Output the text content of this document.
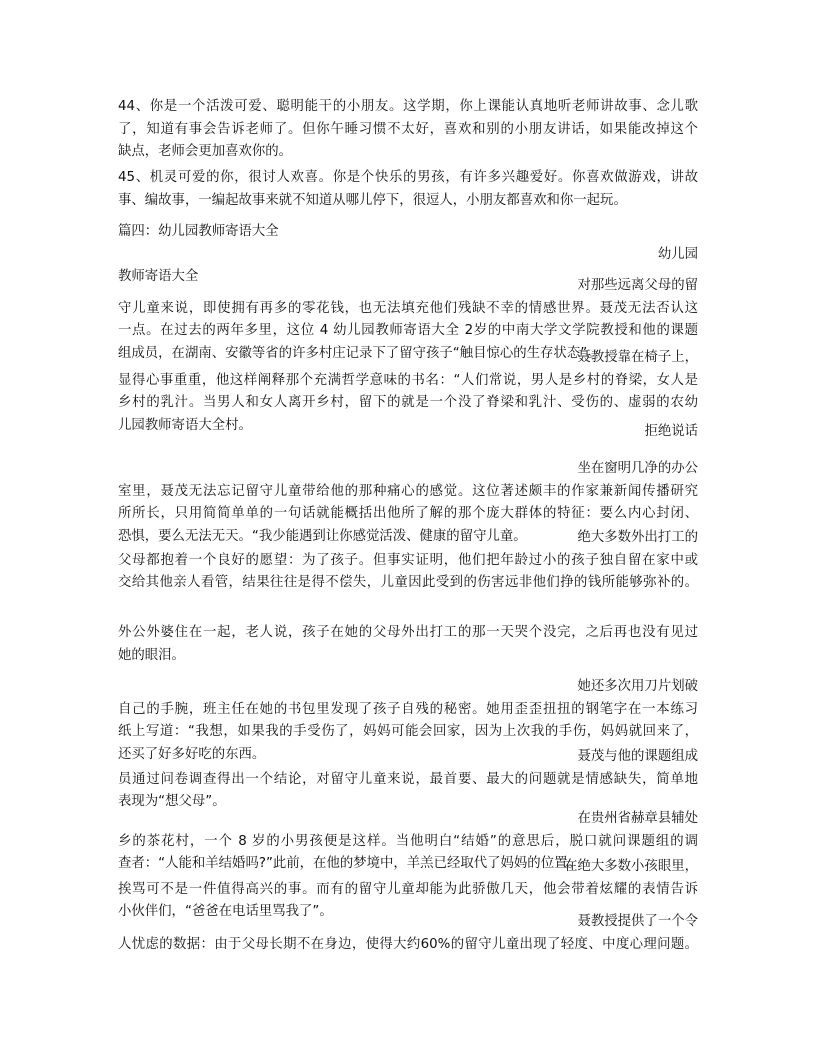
44、你是一个活泼可爱、聪明能干的小朋友。这学期，你上课能认真地听老师讲故事、念儿歌
了，知道有事会告诉老师了。但你午睡习惯不太好，喜欢和别的小朋友讲话，如果能改掉这个
缺点，老师会更加喜欢你的。
45、机灵可爱的你，很讨人欢喜。你是个快乐的男孩，有许多兴趣爱好。你喜欢做游戏，讲故
事、编故事，一编起故事来就不知道从哪儿停下，很逗人，小朋友都喜欢和你一起玩。
篇四：幼儿园教师寄语大全
幼儿园
教师寄语大全
对那些远离父母的留
守儿童来说，即使拥有再多的零花钱，也无法填充他们残缺不幸的情感世界。聂茂无法否认这
一点。在过去的两年多里，这位 4 幼儿园教师寄语大全 2岁的中南大学文学院教授和他的课题
组成员，在湖南、安徽等省的许多村庄记录下了留守孩子“触目惊心的生存状态”。
聂教授靠在椅子上，
显得心事重重，他这样阐释那个充满哲学意味的书名：“人们常说，男人是乡村的脊梁，女人是
乡村的乳汁。当男人和女人离开乡村，留下的就是一个没了脊梁和乳汁、受伤的、虚弱的农幼
儿园教师寄语大全村。	拒绝说话
坐在窗明几净的办公
室里，聂茂无法忘记留守儿童带给他的那种痛心的感觉。这位著述颇丰的作家兼新闻传播研究
所所长，只用简简单单的一句话就能概括出他所了解的那个庞大群体的特征：要么内心封闭、
恐惧，要么无法无天。“我少能遇到让你感觉活泼、健康的留守儿童。	绝大多数外出打工的
父母都抱着一个良好的愿望：为了孩子。但事实证明，他们把年龄过小的孩子独自留在家中或
交给其他亲人看管，结果往往是得不偿失，儿童因此受到的伤害远非他们挣的钱所能够弥补的。
外公外婆住在一起，老人说，孩子在她的父母外出打工的那一天哭个没完，之后再也没有见过
她的眼泪。
她还多次用刀片划破
自己的手腕，班主任在她的书包里发现了孩子自残的秘密。她用歪歪扭扭的钢笔字在一本练习
纸上写道：“我想，如果我的手受伤了，妈妈可能会回家，因为上次我的手伤，妈妈就回来了，
还买了好多好吃的东西。	聂茂与他的课题组成
员通过问卷调查得出一个结论，对留守儿童来说，最首要、最大的问题就是情感缺失，简单地
表现为“想父母”。
在贵州省赫章县辅处
乡的茶花村，一个 8 岁的小男孩便是这样。当他明白“结婚”的意思后，脱口就问课题组的调
查者：“人能和羊结婚吗?”此前，在他的梦境中，羊羔已经取代了妈妈的位置。
在绝大多数小孩眼里，
挨骂可不是一件值得高兴的事。而有的留守儿童却能为此骄傲几天，他会带着炫耀的表情告诉
小伙伴们，“爸爸在电话里骂我了”。
聂教授提供了一个令
人忧虑的数据：由于父母长期不在身边，使得大约60%的留守儿童出现了轻度、中度心理问题。
